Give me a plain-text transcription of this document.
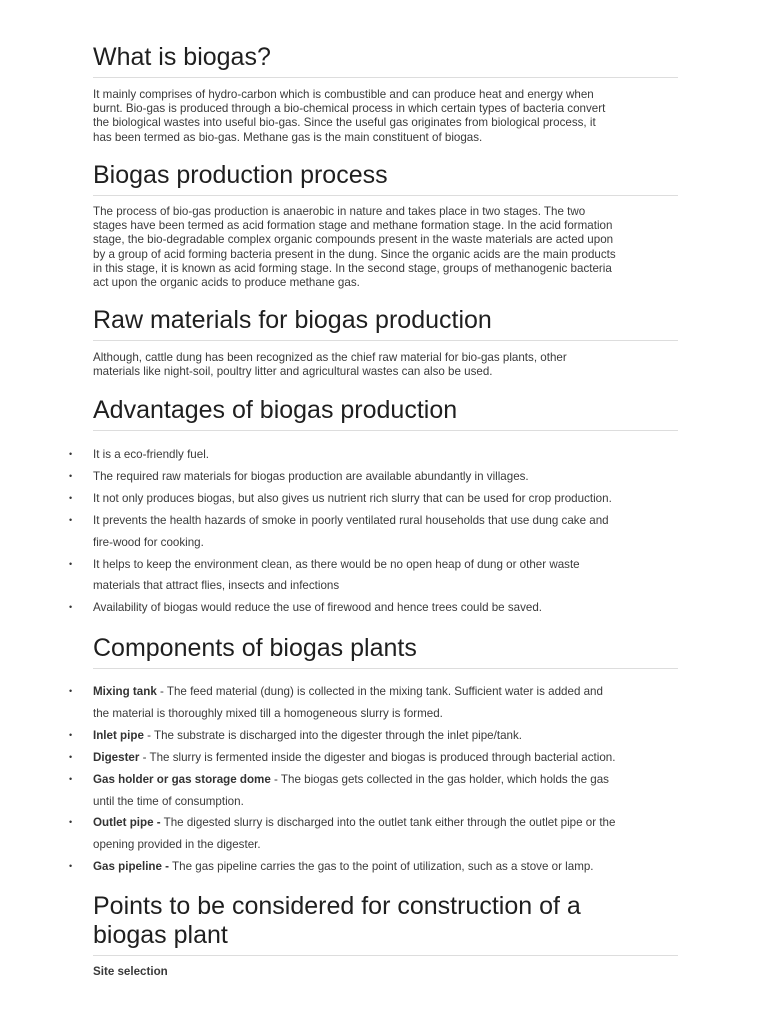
What is biogas?
It mainly comprises of hydro-carbon which is combustible and can produce heat and energy when
burnt. Bio-gas is produced through a bio-chemical process in which certain types of bacteria convert
the biological wastes into useful bio-gas. Since the useful gas originates from biological process, it
has been termed as bio-gas. Methane gas is the main constituent of biogas.
Biogas production process
The process of bio-gas production is anaerobic in nature and takes place in two stages. The two
stages have been termed as acid formation stage and methane formation stage. In the acid formation
stage, the bio-degradable complex organic compounds present in the waste materials are acted upon
by a group of acid forming bacteria present in the dung. Since the organic acids are the main products
in this stage, it is known as acid forming stage. In the second stage, groups of methanogenic bacteria
act upon the organic acids to produce methane gas.
Raw materials for biogas production
Although, cattle dung has been recognized as the chief raw material for bio-gas plants, other
materials like night-soil, poultry litter and agricultural wastes can also be used.
Advantages of biogas production
• It is a eco-friendly fuel.
• The required raw materials for biogas production are available abundantly in villages.
• It not only produces biogas, but also gives us nutrient rich slurry that can be used for crop production.
• It prevents the health hazards of smoke in poorly ventilated rural households that use dung cake and
fire-wood for cooking.
• It helps to keep the environment clean, as there would be no open heap of dung or other waste
materials that attract flies, insects and infections
• Availability of biogas would reduce the use of firewood and hence trees could be saved.
Components of biogas plants
• Mixing tank - The feed material (dung) is collected in the mixing tank. Sufficient water is added and
the material is thoroughly mixed till a homogeneous slurry is formed.
• Inlet pipe - The substrate is discharged into the digester through the inlet pipe/tank.
• Digester - The slurry is fermented inside the digester and biogas is produced through bacterial action.
• Gas holder or gas storage dome - The biogas gets collected in the gas holder, which holds the gas
until the time of consumption.
• Outlet pipe - The digested slurry is discharged into the outlet tank either through the outlet pipe or the
opening provided in the digester.
• Gas pipeline - The gas pipeline carries the gas to the point of utilization, such as a stove or lamp.
Points to be considered for construction of a
biogas plant
Site selection
